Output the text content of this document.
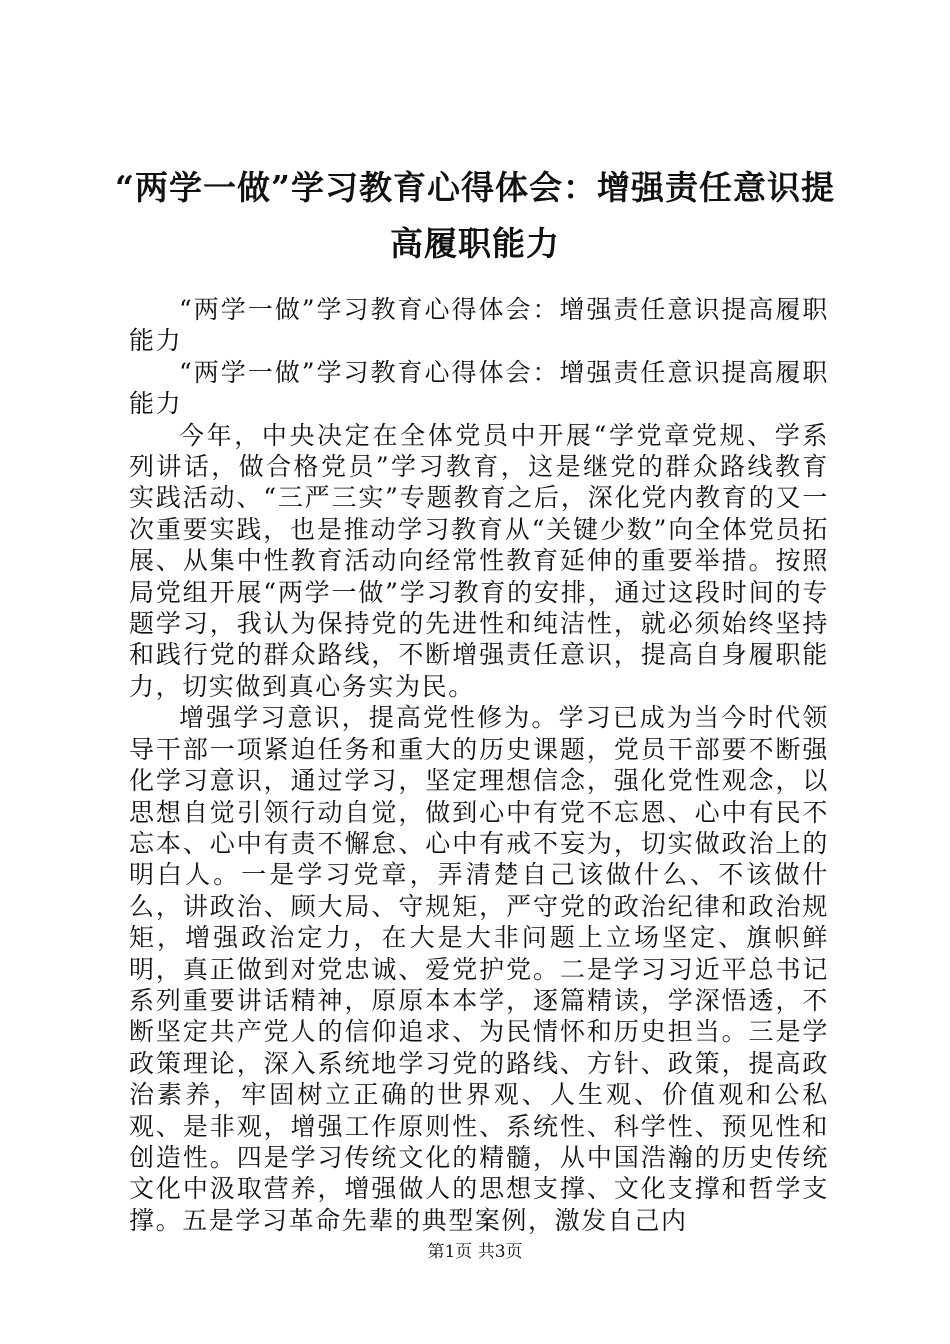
“两学一做”学习教育心得体会：增强责任意识提高履职能力

“两学一做”学习教育心得体会：增强责任意识提高履职能力

“两学一做”学习教育心得体会：增强责任意识提高履职能力

今年，中央决定在全体党员中开展“学党章党规、学系列讲话，做合格党员”学习教育，这是继党的群众路线教育实践活动、“三严三实”专题教育之后，深化党内教育的又一次重要实践，也是推动学习教育从“关键少数”向全体党员拓展、从集中性教育活动向经常性教育延伸的重要举措。按照局党组开展“两学一做”学习教育的安排，通过这段时间的专题学习，我认为保持党的先进性和纯洁性，就必须始终坚持和践行党的群众路线，不断增强责任意识，提高自身履职能力，切实做到真心务实为民。

增强学习意识，提高党性修为。学习已成为当今时代领导干部一项紧迫任务和重大的历史课题，党员干部要不断强化学习意识，通过学习，坚定理想信念，强化党性观念，以思想自觉引领行动自觉，做到心中有党不忘恩、心中有民不忘本、心中有责不懈怠、心中有戒不妄为，切实做政治上的明白人。一是学习党章，弄清楚自己该做什么、不该做什么，讲政治、顾大局、守规矩，严守党的政治纪律和政治规矩，增强政治定力，在大是大非问题上立场坚定、旗帜鲜明，真正做到对党忠诚、爱党护党。二是学习习近平总书记系列重要讲话精神，原原本本学，逐篇精读，学深悟透，不断坚定共产党人的信仰追求、为民情怀和历史担当。三是学政策理论，深入系统地学习党的路线、方针、政策，提高政治素养，牢固树立正确的世界观、人生观、价值观和公私观、是非观，增强工作原则性、系统性、科学性、预见性和创造性。四是学习传统文化的精髓，从中国浩瀚的历史传统文化中汲取营养，增强做人的思想支撑、文化支撑和哲学支撑。五是学习革命先辈的典型案例，激发自己内

第1页 共3页
